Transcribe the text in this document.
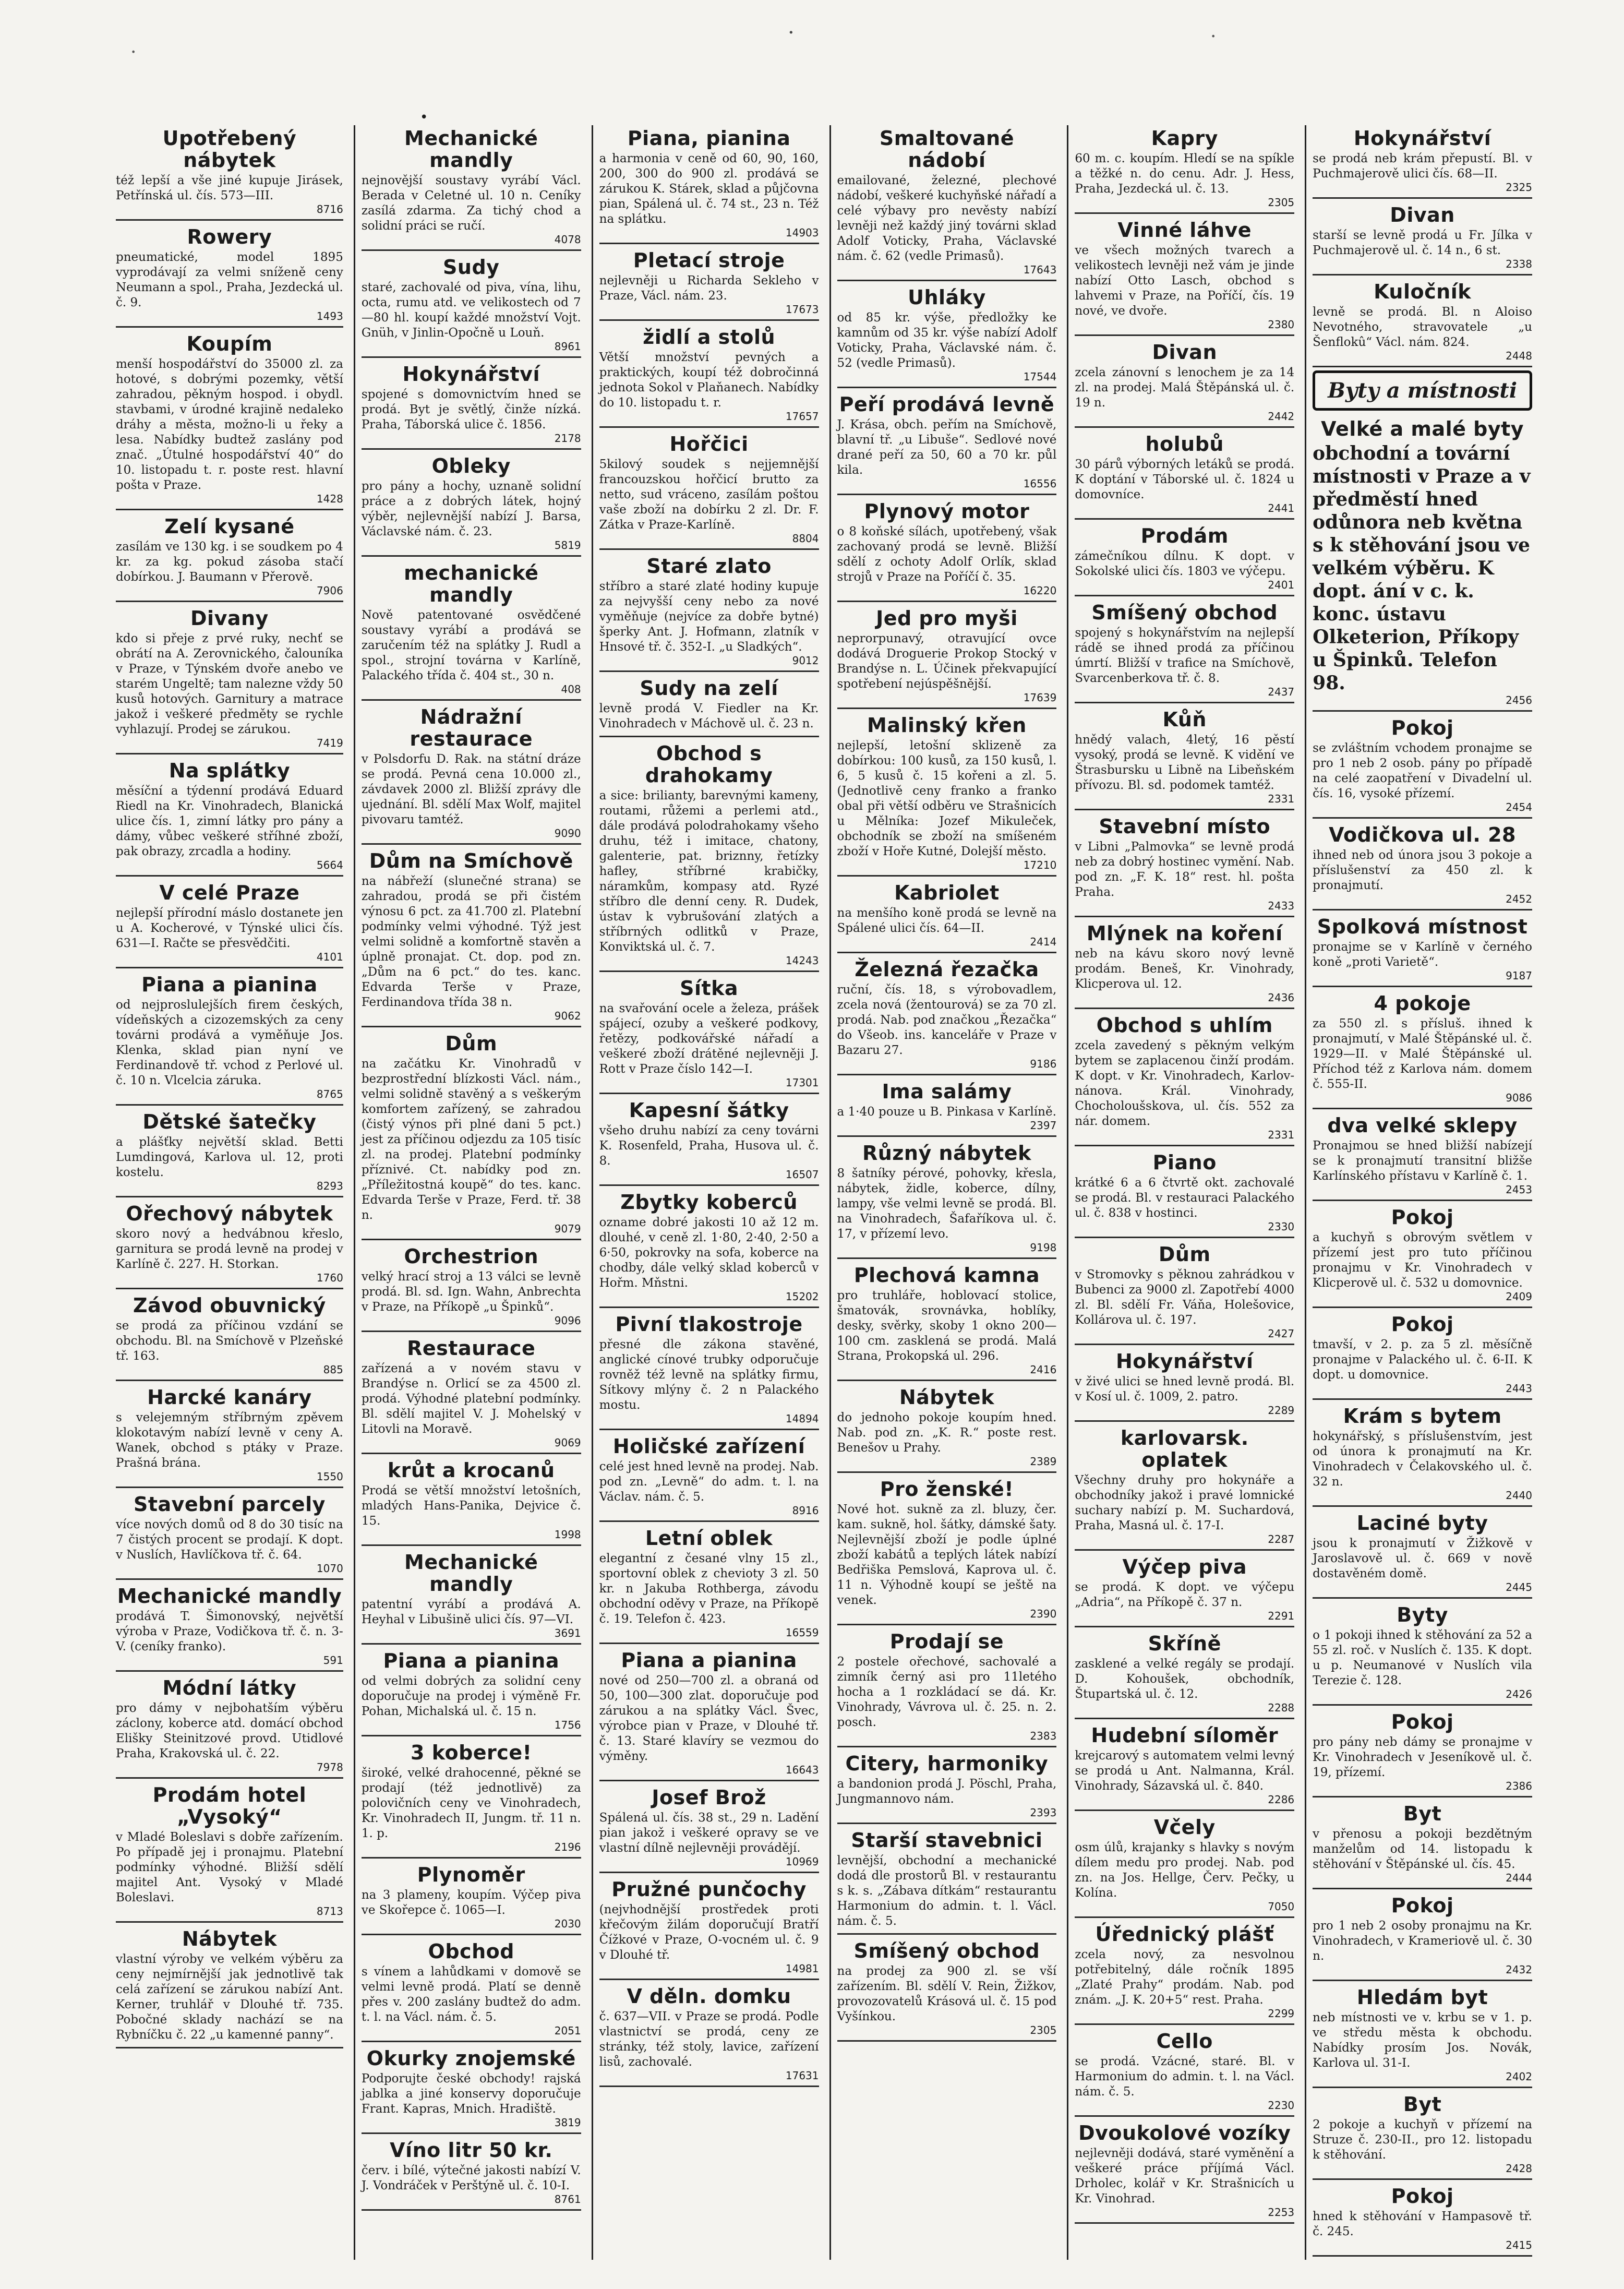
·
·	·
•
Upotřebený nábytek

též lepší a vše jiné kupuje Jirásek, Petřínská ul. čís. 573—III.

8716
Rowery

pneumatické, model 1895 vyprodávají za velmi sníženě ceny Neumann a spol., Praha, Jezdecká ul. č. 9.

1493
Koupím

menší hospodářství do 35000 zl. za hotové, s dobrými pozemky, větší zahradou, pěkným hospod. i obydl. stavbami, v úrodné krajině nedaleko dráhy a města, možno-li u řeky a lesa. Nabídky budtež zaslány pod znač. „Útulné hospodářství 40“ do 10. listopadu t. r. poste rest. hlavní pošta v Praze.

1428
Zelí kysané

zasílám ve 130 kg. i se soudkem po 4 kr. za kg. pokud zásoba stačí dobírkou. J. Baumann v Přerově.

7906
Divany

kdo si přeje z prvé ruky, nechť se obrátí na A. Zerovnického, čalouníka v Praze, v Týnském dvoře anebo ve starém Ungeltě; tam nalezne vždy 50 kusů hotových. Garnitury a matrace jakož i veškeré předměty se rychle vyhlazují. Prodej se zárukou.

7419
Na splátky

měsíční a týdenní prodává Eduard Riedl na Kr. Vinohradech, Blanická ulice čís. 1, zimní látky pro pány a dámy, vůbec veškeré stříhné zboží, pak obrazy, zrcadla a hodiny.

5664
V celé Praze

nejlepší přírodní máslo dostanete jen u A. Kocherové, v Týnské ulici čís. 631—I. Račte se přesvědčiti.

4101
Piana a pianina

od nejproslulejších firem českých, vídeňských a cizozemských za ceny továrni prodává a vyměňuje Jos. Klenka, sklad pian nyní ve Ferdinandově tř. vchod z Perlové ul. č. 10 n. Vlcelcia záruka.

8765
Dětské šatečky

a plášťky největší sklad. Betti Lumdingová, Karlova ul. 12, proti kostelu.

8293
Ořechový nábytek

skoro nový a hedvábnou křeslo, garnitura se prodá levně na prodej v Karlíně č. 227. H. Storkan.

1760
Závod obuvnický

se prodá za příčinou vzdání se obchodu. Bl. na Smíchově v Plzeňské tř. 163.

885
Harcké kanáry

s velejemným stříbrným zpěvem klokotavým nabízí levně v ceny A. Wanek, obchod s ptáky v Praze. Prašná brána.

1550
Stavební parcely

více nových domů od 8 do 30 tisíc na 7 čistých procent se prodají. K dopt. v Nuslích, Havlíčkova tř. č. 64.

1070
Mechanické mandly

prodává T. Šimonovský, největší výroba v Praze, Vodičkova tř. č. n. 3-V. (ceníky franko).

591
Módní látky

pro dámy v nejbohatším výběru záclony, koberce atd. domácí obchod Elišky Steinitzové provd. Utidlové Praha, Krakovská ul. č. 22.

7978
Prodám hotel „Vysoký“

v Mladé Boleslavi s dobře zařízením. Po případě jej i pronajmu. Platební podmínky výhodné. Bližší sdělí majitel Ant. Vysoký v Mladé Boleslavi.

8713
Nábytek

vlastní výroby ve velkém výběru za ceny nejmírnější jak jednotlivě tak celá zařízení se zárukou nabízí Ant. Kerner, truhlář v Dlouhé tř. 735. Pobočné sklady nachází se na Rybníčku č. 22 „u kamenné panny“.

Mechanické mandly

nejnovější soustavy vyrábí Václ. Berada v Celetné ul. 10 n. Ceníky zasílá zdarma. Za tichý chod a solidní práci se ručí.

4078
Sudy

staré, zachovalé od piva, vína, lihu, octa, rumu atd. ve velikostech od 7—80 hl. koupí každé množství Vojt. Gnüh, v Jinlin-Opočně u Louň.

8961
Hokynářství

spojené s domovnictvím hned se prodá. Byt je světlý, činže nízká. Praha, Táborská ulice č. 1856.

2178
Obleky

pro pány a hochy, uznaně solidní práce a z dobrých látek, hojný výběr, nejlevnější nabízí J. Barsa, Václavské nám. č. 23.

5819
mechanické mandly

Nově patentované osvědčené soustavy vyrábí a prodává se zaručením též na splátky J. Rudl a spol., strojní továrna v Karlíně, Palackého třída č. 404 st., 30 n.

408
Nádražní restaurace

v Polsdorfu D. Rak. na státní dráze se prodá. Pevná cena 10.000 zl., závdavek 2000 zl. Bližší zprávy dle ujednání. Bl. sdělí Max Wolf, majitel pivovaru tamtéž.

9090
Dům na Smíchově

na nábřeží (slunečné strana) se zahradou, prodá se při čistém výnosu 6 pct. za 41.700 zl. Platební podmínky velmi výhodné. Týž jest velmi solidně a komfortně stavěn a úplně pronajat. Ct. dop. pod zn. „Dům na 6 pct.“ do tes. kanc. Edvarda Terše v Praze, Ferdinandova třída 38 n.

9062
Dům

na začátku Kr. Vinohradů v bezprostřední blízkosti Václ. nám., velmi solidně stavěný a s veškerým komfortem zařízený, se zahradou (čistý výnos při plné dani 5 pct.) jest za příčinou odjezdu za 105 tisíc zl. na prodej. Platební podmínky příznivé. Ct. nabídky pod zn. „Příležitostná koupě“ do tes. kanc. Edvarda Terše v Praze, Ferd. tř. 38 n.

9079
Orchestrion

velký hrací stroj a 13 válci se levně prodá. Bl. sd. Ign. Wahn, Anbrechta v Praze, na Příkopě „u Špinků“.

9096
Restaurace

zařízená a v novém stavu v Brandýse n. Orlicí se za 4500 zl. prodá. Výhodné platební podmínky. Bl. sdělí majitel V. J. Mohelský v Litovli na Moravě.

9069
krůt a krocanů

Prodá se větší množství letošních, mladých Hans-Panika, Dejvice č. 15.

1998
Mechanické mandly

patentní vyrábí a prodává A. Heyhal v Libušině ulici čís. 97—VI.

3691
Piana a pianina

od velmi dobrých za solidní ceny doporučuje na prodej i výměně Fr. Pohan, Michalská ul. č. 15 n.

1756
3 koberce!

široké, velké drahocenné, pěkné se prodají (též jednotlivě) za polovičních ceny ve Vinohradech, Kr. Vinohradech II, Jungm. tř. 11 n. 1. p.

2196
Plynoměr

na 3 plameny, koupím. Výčep piva ve Skořepce č. 1065—I.

2030
Obchod

s vínem a lahůdkami v domově se velmi levně prodá. Platí se denně přes v. 200 zaslány budtež do adm. t. l. na Václ. nám. č. 5.

2051
Okurky znojemské

Podporujte české obchody! rajská jablka a jiné konservy doporučuje Frant. Kapras, Mnich. Hradiště.

3819
Víno litr 50 kr.

červ. i bílé, výtečné jakosti nabízí V. J. Vondráček v Perštýně ul. č. 10-I.

8761
Piana, pianina

a harmonia v ceně od 60, 90, 160, 200, 300 do 900 zl. prodává se zárukou K. Stárek, sklad a půjčovna pian, Spálená ul. č. 74 st., 23 n. Též na splátku.

14903
Pletací stroje

nejlevněji u Richarda Sekleho v Praze, Václ. nám. 23.

17673
židlí a stolů

Větší množství pevných a praktických, koupí též dobročinná jednota Sokol v Plaňanech. Nabídky do 10. listopadu t. r.

17657
Hořčici

5kilový soudek s nejjemnější francouzskou hořčicí brutto za netto, sud vráceno, zasílám poštou vaše zboží na dobírku 2 zl. Dr. F. Zátka v Praze-Karlíně.

8804
Staré zlato

stříbro a staré zlaté hodiny kupuje za nejvyšší ceny nebo za nové vyměňuje (nejvíce za dobře bytné) šperky Ant. J. Hofmann, zlatník v Hnsové tř. č. 352-I. „u Sladkých“.

9012
Sudy na zelí

levně prodá V. Fiedler na Kr. Vinohradech v Máchově ul. č. 23 n.

Obchod s drahokamy

a sice: brilianty, barevnými kameny, routami, růžemi a perlemi atd., dále prodává polodrahokamy všeho druhu, též i imitace, chatony, galenterie, pat. briznny, řetízky hafley, stříbrné krabičky, náramkům, kompasy atd. Ryzé stříbro dle denní ceny. R. Dudek, ústav k vybrušování zlatých a stříbrných odlitků v Praze, Konviktská ul. č. 7.

14243
Sítka

na svařování ocele a železa, prášek spájecí, ozuby a veškeré podkovy, řetězy, podkovářské nářadí a veškeré zboží drátěné nejlevněji J. Rott v Praze číslo 142—I.

17301
Kapesní šátky

všeho druhu nabízí za ceny továrni K. Rosenfeld, Praha, Husova ul. č. 8.

16507
Zbytky koberců

ozname dobré jakosti 10 až 12 m. dlouhé, v ceně zl. 1·80, 2·40, 2·50 a 6·50, pokrovky na sofa, koberce na chodby, dále velký sklad koberců v Hořm. Mňstni.

15202
Pivní tlakostroje

přesné dle zákona stavěné, anglické cínové trubky odporučuje rovněž též levně na splátky firmu, Sítkovy mlýny č. 2 n Palackého mostu.

14894
Holičské zařízení

celé jest hned levně na prodej. Nab. pod zn. „Levně“ do adm. t. l. na Václav. nám. č. 5.

8916
Letní oblek

elegantní z česané vlny 15 zl., sportovní oblek z chevioty 3 zl. 50 kr. n Jakuba Rothberga, závodu obchodní oděvy v Praze, na Příkopě č. 19. Telefon č. 423.

16559
Piana a pianina

nové od 250—700 zl. a obraná od 50, 100—300 zlat. doporučuje pod zárukou a na splátky Václ. Švec, výrobce pian v Praze, v Dlouhé tř. č. 13. Staré klavíry se vezmou do výměny.

16643
Josef Brož

Spálená ul. čís. 38 st., 29 n. Ladění pian jakož i veškeré opravy se ve vlastní dílně nejlevněji provádějí.

10969
Pružné punčochy

(nejvhodnější prostředek proti křečovým žilám doporučují Bratří Čížkové v Praze, O-vocném ul. č. 9 v Dlouhé tř.

14981
V děln. domku

č. 637—VII. v Praze se prodá. Podle vlastnictví se prodá, ceny ze stránky, též stoly, lavice, zařízení lisů, zachovalé.

17631
Smaltované nádobí

emailované, železné, plechové nádobí, veškeré kuchyňské nářadí a celé výbavy pro nevěsty nabízí levněji než každý jiný továrni sklad Adolf Voticky, Praha, Václavské nám. č. 62 (vedle Primasů).

17643
Uhláky

od 85 kr. výše, předložky ke kamnům od 35 kr. výše nabízí Adolf Voticky, Praha, Václavské nám. č. 52 (vedle Primasů).

17544
Peří prodává levně

J. Krása, obch. peřím na Smíchově, blavní tř. „u Libuše“. Sedlové nové drané peří za 50, 60 a 70 kr. půl kila.

16556
Plynový motor

o 8 koňské sílách, upotřebený, však zachovaný prodá se levně. Bližší sdělí z ochoty Adolf Orlík, sklad strojů v Praze na Poříčí č. 35.

16220
Jed pro myši

neprorpunavý, otravující ovce dodává Droguerie Prokop Stocký v Brandýse n. L. Účinek překvapující spotřebení nejúspěšnější.

17639
Malinský křen

nejlepší, letošní sklizeně za dobírkou: 100 kusů, za 150 kusů, l. 6, 5 kusů č. 15 kořeni a zl. 5. (Jednotlivě ceny franko a franko obal při větší odběru ve Strašnicích u Mělníka: Jozef Mikuleček, obchodník se zboží na smíšeném zboží v Hoře Kutné, Dolejší město.

17210
Kabriolet

na menšího koně prodá se levně na Spálené ulici čís. 64—II.

2414
Železná řezačka

ruční, čís. 18, s výrobovadlem, zcela nová (žentourová) se za 70 zl. prodá. Nab. pod značkou „Řezačka“ do Všeob. ins. kanceláře v Praze v Bazaru 27.

9186
Ima salámy

a 1·40 pouze u B. Pinkasa v Karlíně.

2397
Různý nábytek

8 šatníky pérové, pohovky, křesla, nábytek, židle, koberce, dílny, lampy, vše velmi levně se prodá. Bl. na Vinohradech, Šafaříkova ul. č. 17, v přízemí levo.

9198
Plechová kamna

pro truhláře, hoblovací stolice, šmatovák, srovnávka, hoblíky, desky, svěrky, skoby 1 okno 200—100 cm. zasklená se prodá. Malá Strana, Prokopská ul. 296.

2416
Nábytek

do jednoho pokoje koupím hned. Nab. pod zn. „K. R.“ poste rest. Benešov u Prahy.

2389
Pro ženské!

Nové hot. sukně za zl. bluzy, čer. kam. sukně, hol. šátky, dámské šaty. Nejlevnější zboží je podle úplné zboží kabátů a teplých látek nabízí Bedřiška Pemslová, Kaprova ul. č. 11 n. Výhodně koupí se ještě na venek.

2390
Prodají se

2 postele ořechové, sachovalé a zimník černý asi pro 11letého hocha a 1 rozkládací se dá. Kr. Vinohrady, Vávrova ul. č. 25. n. 2. posch.

2383
Citery, harmoniky

a bandonion prodá J. Pöschl, Praha, Jungmannovo nám.

2393
Starší stavebnici

levnější, obchodní a mechanické dodá dle prostorů Bl. v restaurantu s k. s. „Zábava dítkám“ restaurantu Harmonium do admin. t. l. Václ. nám. č. 5.

Smíšený obchod

na prodej za 900 zl. se vší zařízením. Bl. sdělí V. Rein, Žižkov, provozovatelů Krásová ul. č. 15 pod Vyšínkou.

2305
Kapry

60 m. c. koupím. Hledí se na spíkle a těžké n. do cenu. Adr. J. Hess, Praha, Jezdecká ul. č. 13.

2305
Vinné láhve

ve všech možných tvarech a velikostech levněji než vám je jinde nabízí Otto Lasch, obchod s lahvemi v Praze, na Poříčí, čís. 19 nové, ve dvoře.

2380
Divan

zcela zánovní s lenochem je za 14 zl. na prodej. Malá Štěpánská ul. č. 19 n.

2442
holubů

30 párů výborných letáků se prodá. K doptání v Táborské ul. č. 1824 u domovníce.

2441
Prodám

zámečníkou dílnu. K dopt. v Sokolské ulici čís. 1803 ve výčepu.

2401
Smíšený obchod

spojený s hokynářstvím na nejlepší rádě se ihned prodá za příčinou úmrtí. Bližší v trafice na Smíchově, Svarcenberkova tř. č. 8.

2437
Kůň

hnědý valach, 4letý, 16 pěstí vysoký, prodá se levně. K vidění ve Štrasbursku u Libně na Libeňském přívozu. Bl. sd. podomek tamtéž.

2331
Stavební místo

v Libni „Palmovka“ se levně prodá neb za dobrý hostinec vymění. Nab. pod zn. „F. K. 18“ rest. hl. pošta Praha.

2433
Mlýnek na koření

neb na kávu skoro nový levně prodám. Beneš, Kr. Vinohrady, Klicperova ul. 12.

2436
Obchod s uhlím

zcela zavedený s pěkným velkým bytem se zaplacenou činží prodám. K dopt. v Kr. Vinohradech, Karlov-nánova. Král. Vinohrady, Chocholoušskova, ul. čís. 552 za nár. domem.

2331
Piano

krátké 6 a 6 čtvrtě okt. zachovalé se prodá. Bl. v restauraci Palackého ul. č. 838 v hostinci.

2330
Dům

v Stromovky s pěknou zahrádkou v Bubenci za 9000 zl. Zapotřebí 4000 zl. Bl. sdělí Fr. Váňa, Holešovice, Kollárova ul. č. 197.

2427
Hokynářství

v živé ulici se hned levně prodá. Bl. v Kosí ul. č. 1009, 2. patro.

2289
karlovarsk. oplatek

Všechny druhy pro hokynáře a obchodníky jakož i pravé lomnické suchary nabízí p. M. Suchardová, Praha, Masná ul. č. 17-I.

2287
Výčep piva

se prodá. K dopt. ve výčepu „Adria“, na Příkopě č. 37 n.

2291
Skříně

zasklené a velké regály se prodají. D. Kohoušek, obchodník, Štupartská ul. č. 12.

2288
Hudební síloměr

krejcarový s automatem velmi levný se prodá u Ant. Nalmanna, Král. Vinohrady, Sázavská ul. č. 840.

2286
Včely

osm úlů, krajanky s hlavky s novým dílem medu pro prodej. Nab. pod zn. na Jos. Hellge, Červ. Pečky, u Kolína.

7050
Úřednický plášť

zcela nový, za nesvolnou potřebitelný, dále ročník 1895 „Zlaté Prahy“ prodám. Nab. pod znám. „J. K. 20+5“ rest. Praha.

2299
Cello

se prodá. Vzácné, staré. Bl. v Harmonium do admin. t. l. na Václ. nám. č. 5.

2230
Dvoukolové vozíky

nejlevněji dodává, staré vyměnění a veškeré práce příjímá Václ. Drholec, kolář v Kr. Strašnicích u Kr. Vinohrad.

2253
Hokynářství

se prodá neb krám přepustí. Bl. v Puchmajerově ulici čís. 68—II.

2325
Divan

starší se levně prodá u Fr. Jílka v Puchmajerově ul. č. 14 n., 6 st.

2338
Kuločník

levně se prodá. Bl. n Aloiso Nevotného, stravovatele „u Šenflokû“ Václ. nám. 824.

2448
Byty a místnosti
Velké a malé byty

obchodní a tovární místnosti v Praze a v předměstí hned odůnora neb května s k stěhování jsou ve velkém výběru. K dopt. ání v c. k. konc. ústavu Olketerion, Příkopy u Špinků. Telefon 98.

2456
Pokoj

se zvláštním vchodem pronajme se pro 1 neb 2 osob. pány po případě na celé zaopatření v Divadelní ul. čís. 16, vysoké přízemí.

2454
Vodičkova ul. 28

ihned neb od února jsou 3 pokoje a příslušenství za 450 zl. k pronajmutí.

2452
Spolková místnost

pronajme se v Karlíně v černého koně „proti Varietě“.

9187
4 pokoje

za 550 zl. s přísluš. ihned k pronajmutí, v Malé Štěpánské ul. č. 1929—II. v Malé Štěpánské ul. Příchod též z Karlova nám. domem č. 555-II.

9086
dva velké sklepy

Pronajmou se hned bližší nabízejí se k pronajmutí transitní bližše Karlínského přístavu v Karlíně č. 1.

2453
Pokoj

a kuchyň s obrovým světlem v přízemí jest pro tuto příčinou pronajmu v Kr. Vinohradech v Klicperově ul. č. 532 u domovnice.

2409
Pokoj

tmavší, v 2. p. za 5 zl. měsíčně pronajme v Palackého ul. č. 6-II. K dopt. u domovnice.

2443
Krám s bytem

hokynářský, s příslušenstvím, jest od února k pronajmutí na Kr. Vinohradech v Čelakovského ul. č. 32 n.

2440
Laciné byty

jsou k pronajmutí v Žižkově v Jaroslavově ul. č. 669 v nově dostavěném domě.

2445
Byty

o 1 pokoji ihned k stěhování za 52 a 55 zl. roč. v Nuslích č. 135. K dopt. u p. Neumanové v Nuslích vila Terezie č. 128.

2426
Pokoj

pro pány neb dámy se pronajme v Kr. Vinohradech v Jeseníkově ul. č. 19, přízemí.

2386
Byt

v přenosu a pokoji bezdětným manželům od 14. listopadu k stěhování v Štěpánské ul. čís. 45.

2444
Pokoj

pro 1 neb 2 osoby pronajmu na Kr. Vinohradech, v Krameriově ul. č. 30 n.

2432
Hledám byt

neb místnosti ve v. krbu se v 1. p. ve středu města k obchodu. Nabídky prosím Jos. Novák, Karlova ul. 31-I.

2402
Byt

2 pokoje a kuchyň v přízemí na Struze č. 230-II., pro 12. listopadu k stěhování.

2428
Pokoj

hned k stěhování v Hampasově tř. č. 245.

2415
